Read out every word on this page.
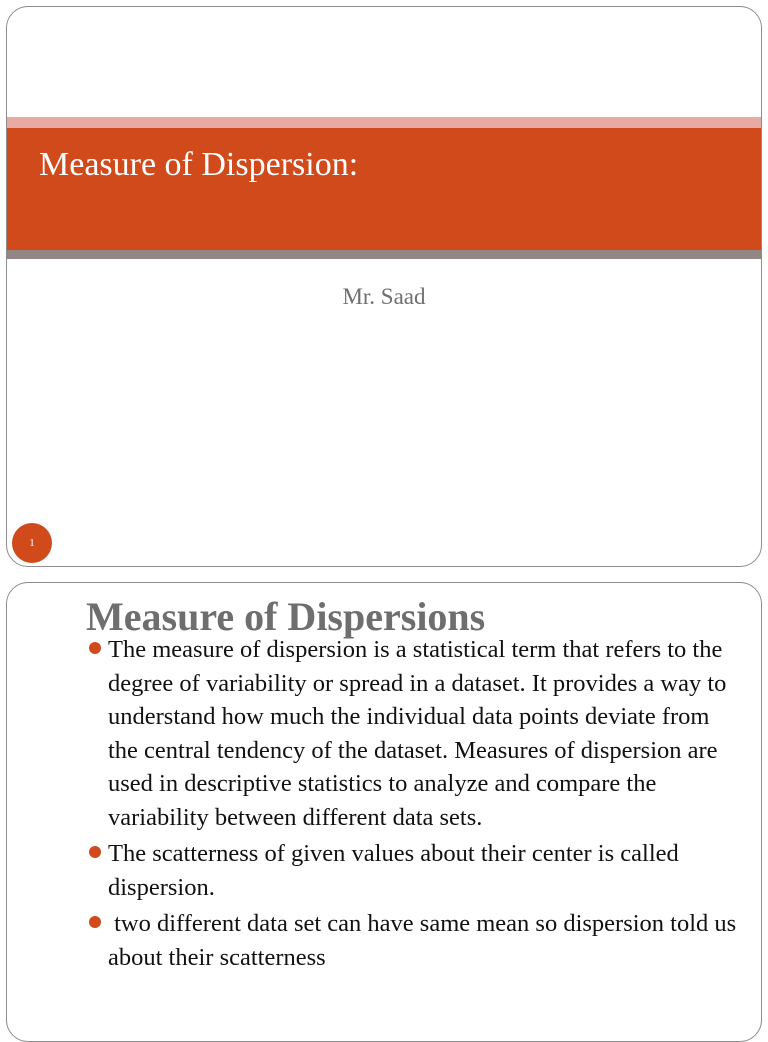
Measure of Dispersion:
Mr. Saad
1
Measure of Dispersions
The measure of dispersion is a statistical term that refers to the degree of variability or spread in a dataset. It provides a way to understand how much the individual data points deviate from the central tendency of the dataset. Measures of dispersion are used in descriptive statistics to analyze and compare the variability between different data sets.
The scatterness of given values about their center is called dispersion.
two different data set can have same mean so dispersion told us about their scatterness
